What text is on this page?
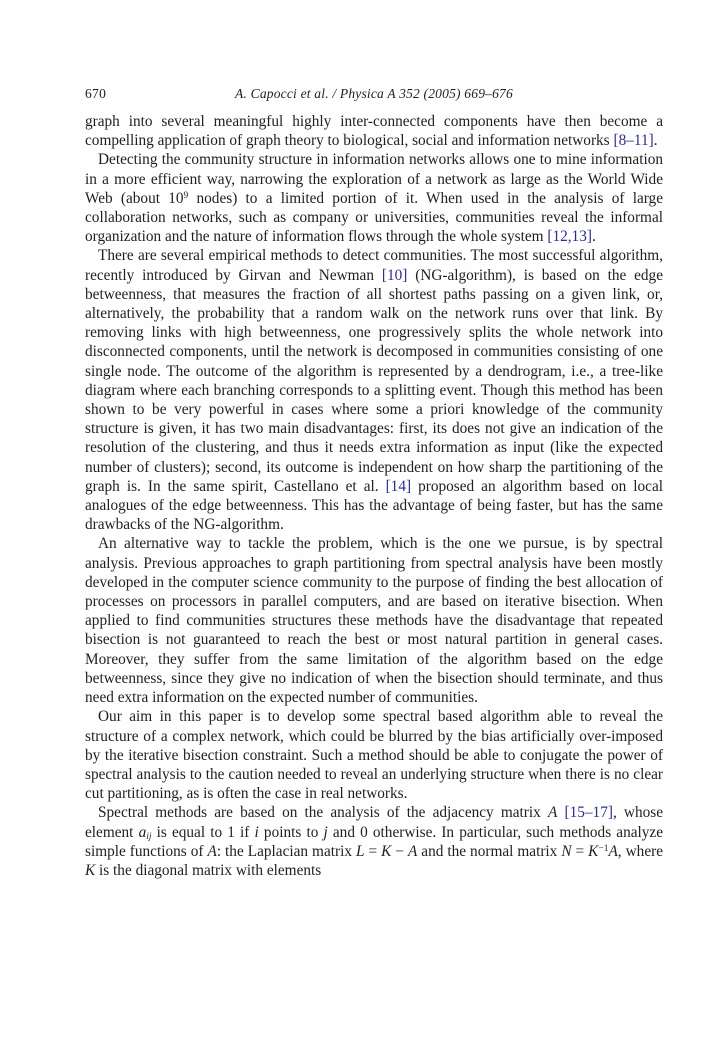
670	A. Capocci et al. / Physica A 352 (2005) 669–676

graph into several meaningful highly inter-connected components have then become a compelling application of graph theory to biological, social and information networks [8–11].

Detecting the community structure in information networks allows one to mine information in a more efficient way, narrowing the exploration of a network as large as the World Wide Web (about $10^9$ nodes) to a limited portion of it. When used in the analysis of large collaboration networks, such as company or universities, communities reveal the informal organization and the nature of information flows through the whole system [12,13].

There are several empirical methods to detect communities. The most successful algorithm, recently introduced by Girvan and Newman [10] (NG-algorithm), is based on the edge betweenness, that measures the fraction of all shortest paths passing on a given link, or, alternatively, the probability that a random walk on the network runs over that link. By removing links with high betweenness, one progressively splits the whole network into disconnected components, until the network is decomposed in communities consisting of one single node. The outcome of the algorithm is represented by a dendrogram, i.e., a tree-like diagram where each branching corresponds to a splitting event. Though this method has been shown to be very powerful in cases where some a priori knowledge of the community structure is given, it has two main disadvantages: first, its does not give an indication of the resolution of the clustering, and thus it needs extra information as input (like the expected number of clusters); second, its outcome is independent on how sharp the partitioning of the graph is. In the same spirit, Castellano et al. [14] proposed an algorithm based on local analogues of the edge betweenness. This has the advantage of being faster, but has the same drawbacks of the NG-algorithm.

An alternative way to tackle the problem, which is the one we pursue, is by spectral analysis. Previous approaches to graph partitioning from spectral analysis have been mostly developed in the computer science community to the purpose of finding the best allocation of processes on processors in parallel computers, and are based on iterative bisection. When applied to find communities structures these methods have the disadvantage that repeated bisection is not guaranteed to reach the best or most natural partition in general cases. Moreover, they suffer from the same limitation of the algorithm based on the edge betweenness, since they give no indication of when the bisection should terminate, and thus need extra information on the expected number of communities.

Our aim in this paper is to develop some spectral based algorithm able to reveal the structure of a complex network, which could be blurred by the bias artificially over-imposed by the iterative bisection constraint. Such a method should be able to conjugate the power of spectral analysis to the caution needed to reveal an underlying structure when there is no clear cut partitioning, as is often the case in real networks.

Spectral methods are based on the analysis of the adjacency matrix A [15–17], whose element aij is equal to 1 if i points to j and 0 otherwise. In particular, such methods analyze simple functions of A: the Laplacian matrix L = K − A and the normal matrix $N = K^{-1}A$, where K is the diagonal matrix with elements
